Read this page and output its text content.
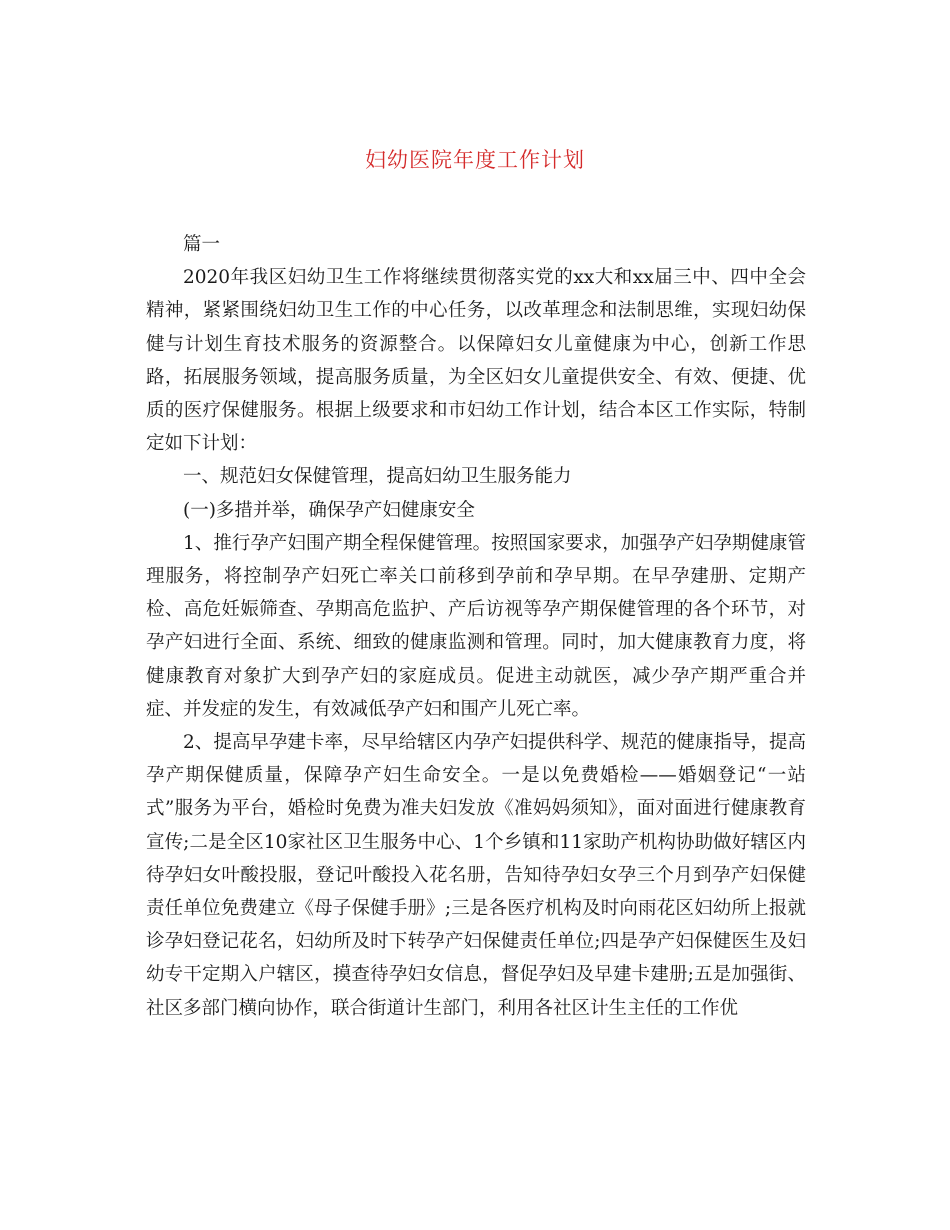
妇幼医院年度工作计划

篇一

2020年我区妇幼卫生工作将继续贯彻落实党的xx大和xx届三中、四中全会精神，紧紧围绕妇幼卫生工作的中心任务，以改革理念和法制思维，实现妇幼保健与计划生育技术服务的资源整合。以保障妇女儿童健康为中心，创新工作思路，拓展服务领域，提高服务质量，为全区妇女儿童提供安全、有效、便捷、优质的医疗保健服务。根据上级要求和市妇幼工作计划，结合本区工作实际，特制定如下计划：

一、规范妇女保健管理，提高妇幼卫生服务能力

(一)多措并举，确保孕产妇健康安全

1、推行孕产妇围产期全程保健管理。按照国家要求，加强孕产妇孕期健康管理服务，将控制孕产妇死亡率关口前移到孕前和孕早期。在早孕建册、定期产检、高危妊娠筛查、孕期高危监护、产后访视等孕产期保健管理的各个环节，对孕产妇进行全面、系统、细致的健康监测和管理。同时，加大健康教育力度，将健康教育对象扩大到孕产妇的家庭成员。促进主动就医，减少孕产期严重合并症、并发症的发生，有效减低孕产妇和围产儿死亡率。

2、提高早孕建卡率，尽早给辖区内孕产妇提供科学、规范的健康指导，提高孕产期保健质量，保障孕产妇生命安全。一是以免费婚检——婚姻登记“一站式”服务为平台，婚检时免费为准夫妇发放《准妈妈须知》，面对面进行健康教育宣传;二是全区10家社区卫生服务中心、1个乡镇和11家助产机构协助做好辖区内待孕妇女叶酸投服，登记叶酸投入花名册，告知待孕妇女孕三个月到孕产妇保健责任单位免费建立《母子保健手册》;三是各医疗机构及时向雨花区妇幼所上报就诊孕妇登记花名，妇幼所及时下转孕产妇保健责任单位;四是孕产妇保健医生及妇幼专干定期入户辖区，摸查待孕妇女信息，督促孕妇及早建卡建册;五是加强街、社区多部门横向协作，联合街道计生部门，利用各社区计生主任的工作优
